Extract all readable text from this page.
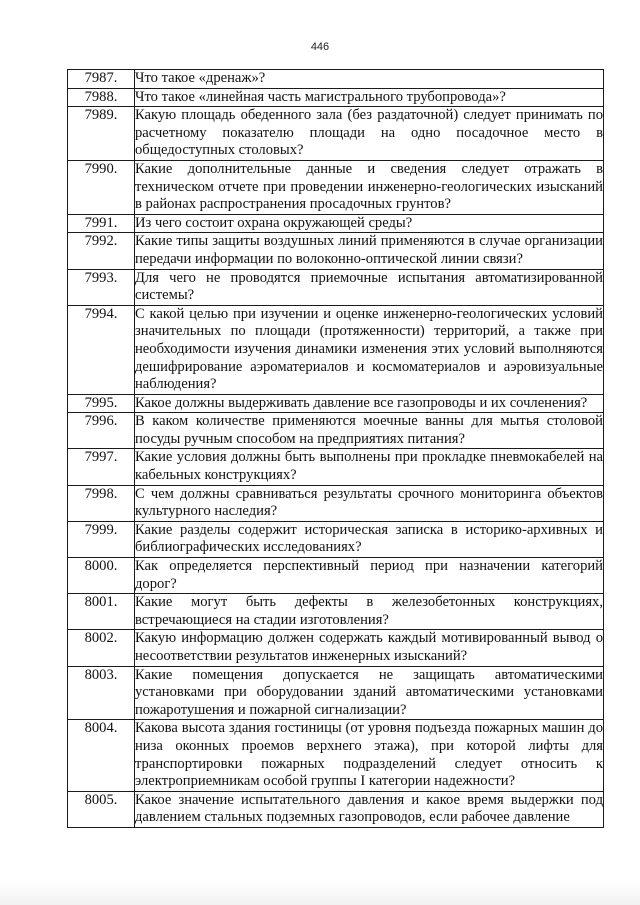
446
7987.	Что такое «дренаж»?
7988.	Что такое «линейная часть магистрального трубопровода»?
7989.	Какую площадь обеденного зала (без раздаточной) следует принимать по расчетному показателю площади на одно посадочное место в общедоступных столовых?
7990.	Какие дополнительные данные и сведения следует отражать в техническом отчете при проведении инженерно-геологических изысканий в районах распространения просадочных грунтов?
7991.	Из чего состоит охрана окружающей среды?
7992.	Какие типы защиты воздушных линий применяются в случае организации передачи информации по волоконно-оптической линии связи?
7993.	Для чего не проводятся приемочные испытания автоматизированной системы?
7994.	С какой целью при изучении и оценке инженерно-геологических условий значительных по площади (протяженности) территорий, а также при необходимости изучения динамики изменения этих условий выполняются дешифрирование аэроматериалов и космоматериалов и аэровизуальные наблюдения?
7995.	Какое должны выдерживать давление все газопроводы и их сочленения?
7996.	В каком количестве применяются моечные ванны для мытья столовой посуды ручным способом на предприятиях питания?
7997.	Какие условия должны быть выполнены при прокладке пневмокабелей на кабельных конструкциях?
7998.	С чем должны сравниваться результаты срочного мониторинга объектов культурного наследия?
7999.	Какие разделы содержит историческая записка в историко-архивных и библиографических исследованиях?
8000.	Как определяется перспективный период при назначении категорий дорог?
8001.	Какие могут быть дефекты в железобетонных конструкциях, встречающиеся на стадии изготовления?
8002.	Какую информацию должен содержать каждый мотивированный вывод о несоответствии результатов инженерных изысканий?
8003.	Какие помещения допускается не защищать автоматическими установками при оборудовании зданий автоматическими установками пожаротушения и пожарной сигнализации?
8004.	Какова высота здания гостиницы (от уровня подъезда пожарных машин до низа оконных проемов верхнего этажа), при которой лифты для транспортировки пожарных подразделений следует относить к электроприемникам особой группы I категории надежности?
8005.	Какое значение испытательного давления и какое время выдержки под давлением стальных подземных газопроводов, если рабочее давление
